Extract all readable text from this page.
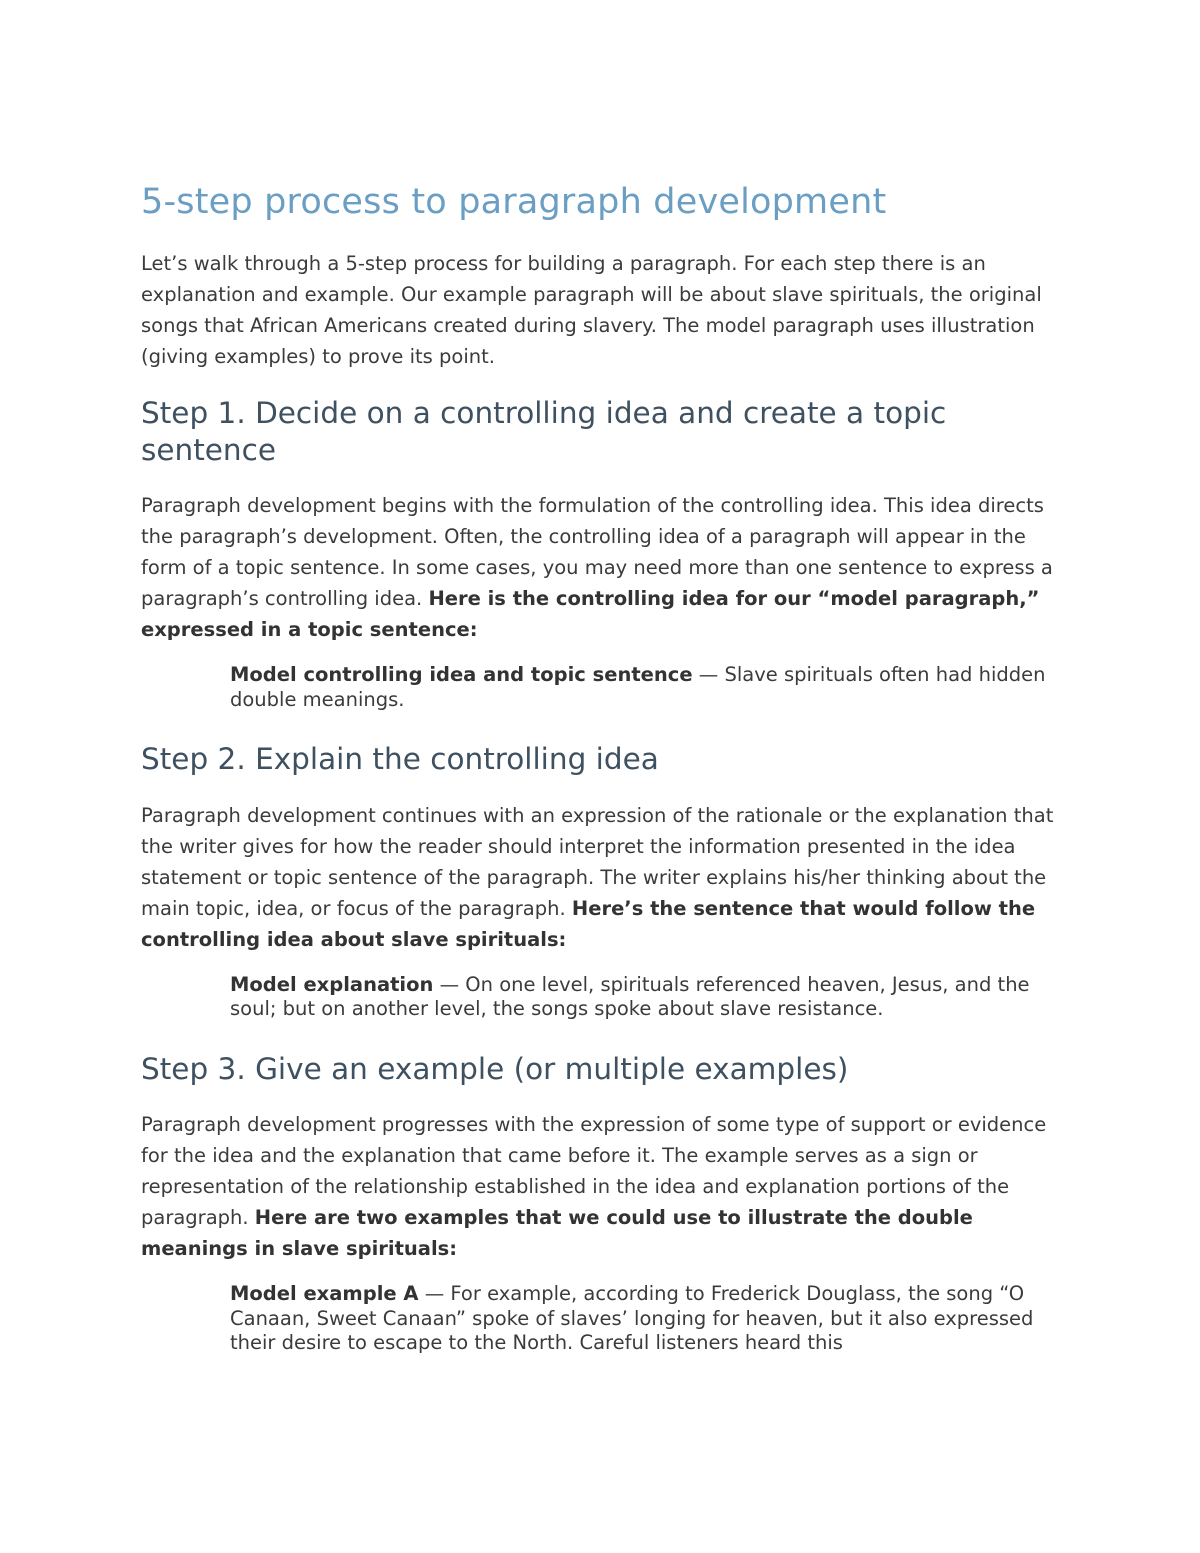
5-step process to paragraph development

Let’s walk through a 5-step process for building a paragraph. For each step there is an explanation and example. Our example paragraph will be about slave spirituals, the original songs that African Americans created during slavery. The model paragraph uses illustration (giving examples) to prove its point.

Step 1. Decide on a controlling idea and create a topic sentence

Paragraph development begins with the formulation of the controlling idea. This idea directs the paragraph’s development. Often, the controlling idea of a paragraph will appear in the form of a topic sentence. In some cases, you may need more than one sentence to express a paragraph’s controlling idea. Here is the controlling idea for our “model paragraph,” expressed in a topic sentence:

Model controlling idea and topic sentence — Slave spirituals often had hidden double meanings.

Step 2. Explain the controlling idea

Paragraph development continues with an expression of the rationale or the explanation that the writer gives for how the reader should interpret the information presented in the idea statement or topic sentence of the paragraph. The writer explains his/her thinking about the main topic, idea, or focus of the paragraph. Here’s the sentence that would follow the controlling idea about slave spirituals:

Model explanation — On one level, spirituals referenced heaven, Jesus, and the soul; but on another level, the songs spoke about slave resistance.

Step 3. Give an example (or multiple examples)

Paragraph development progresses with the expression of some type of support or evidence for the idea and the explanation that came before it. The example serves as a sign or representation of the relationship established in the idea and explanation portions of the paragraph. Here are two examples that we could use to illustrate the double meanings in slave spirituals:

Model example A — For example, according to Frederick Douglass, the song “O Canaan, Sweet Canaan” spoke of slaves’ longing for heaven, but it also expressed their desire to escape to the North. Careful listeners heard this
